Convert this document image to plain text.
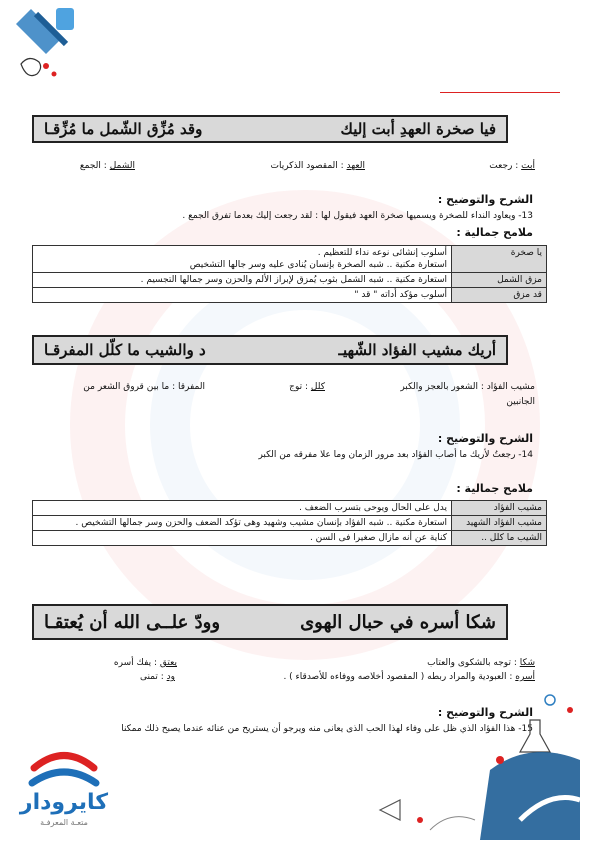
فيا صخرة العهدِ أبت إليك
وقد مُزِّق الشّمل ما مُزِّقـا
أبت : رجعت
العهد : المقصود الذكريات
الشمل : الجمع
الشرح والتوضيح :
13- ويعاود النداء للصخرة ويسميها صخرة العهد فيقول لها : لقد رجعت إليك بعدما تفرق الجمع .
ملامح جمالية :
يا صخرة	أسلوب إنشائى نوعه نداء للتعظيم .
استعارة مكنية .. شبه الصخرة بإنسان يُنادى عليه وسر جالها التشخيص

مزق الشمل	استعارة مكنية .. شبه الشمل بثوب يُمزق لإبراز الألم والحزن وسر جمالها التجسيم .
قد مزق	أسلوب مؤكد أداته " قد "
أريك مشيب الفؤاد الشّهيـ
د والشيب ما كلّل المفرقـا
مشيب الفؤاد : الشعور بالعجز والكبر
كلل : توج
المفرقا : ما بين قروق الشعر من
الجانبين
الشرح والتوضيح :
14- رجعتُ لأريك ما أصاب الفؤاد بعد مرور الزمان وما علا مفرقه من الكبر
ملامح جمالية :
مشيب الفؤاد	يدل على الحال ويوحى بتسرب الضعف .
مشيب الفؤاد الشهيد	استعارة مكنية .. شبه الفؤاد بإنسان مشيب وشهيد وهى تؤكد الضعف والحزن وسر جمالها التشخيص .
الشيب ما كلل ..	كناية عن أنه مازال صغيرا فى السن .
شكا أسره في حبال الهوى
وودّ علــى الله أن يُعتقـا
شكا : توجه بالشكوى والعتاب
يعتق : يفك أسره
أسره : العبودية والمراد ربطه ( المقصود أخلاصه ووفاءه للأصدقاء ) .
ود : تمنى
الشرح والتوضيح :
15- هذا الفؤاد الذي ظل على وفاء لهذا الحب الذى يعانى منه ويرجو أن يستريح من عنائه عندما يصبح ذلك ممكنا
كايرودار
متعـة المعرفـة
